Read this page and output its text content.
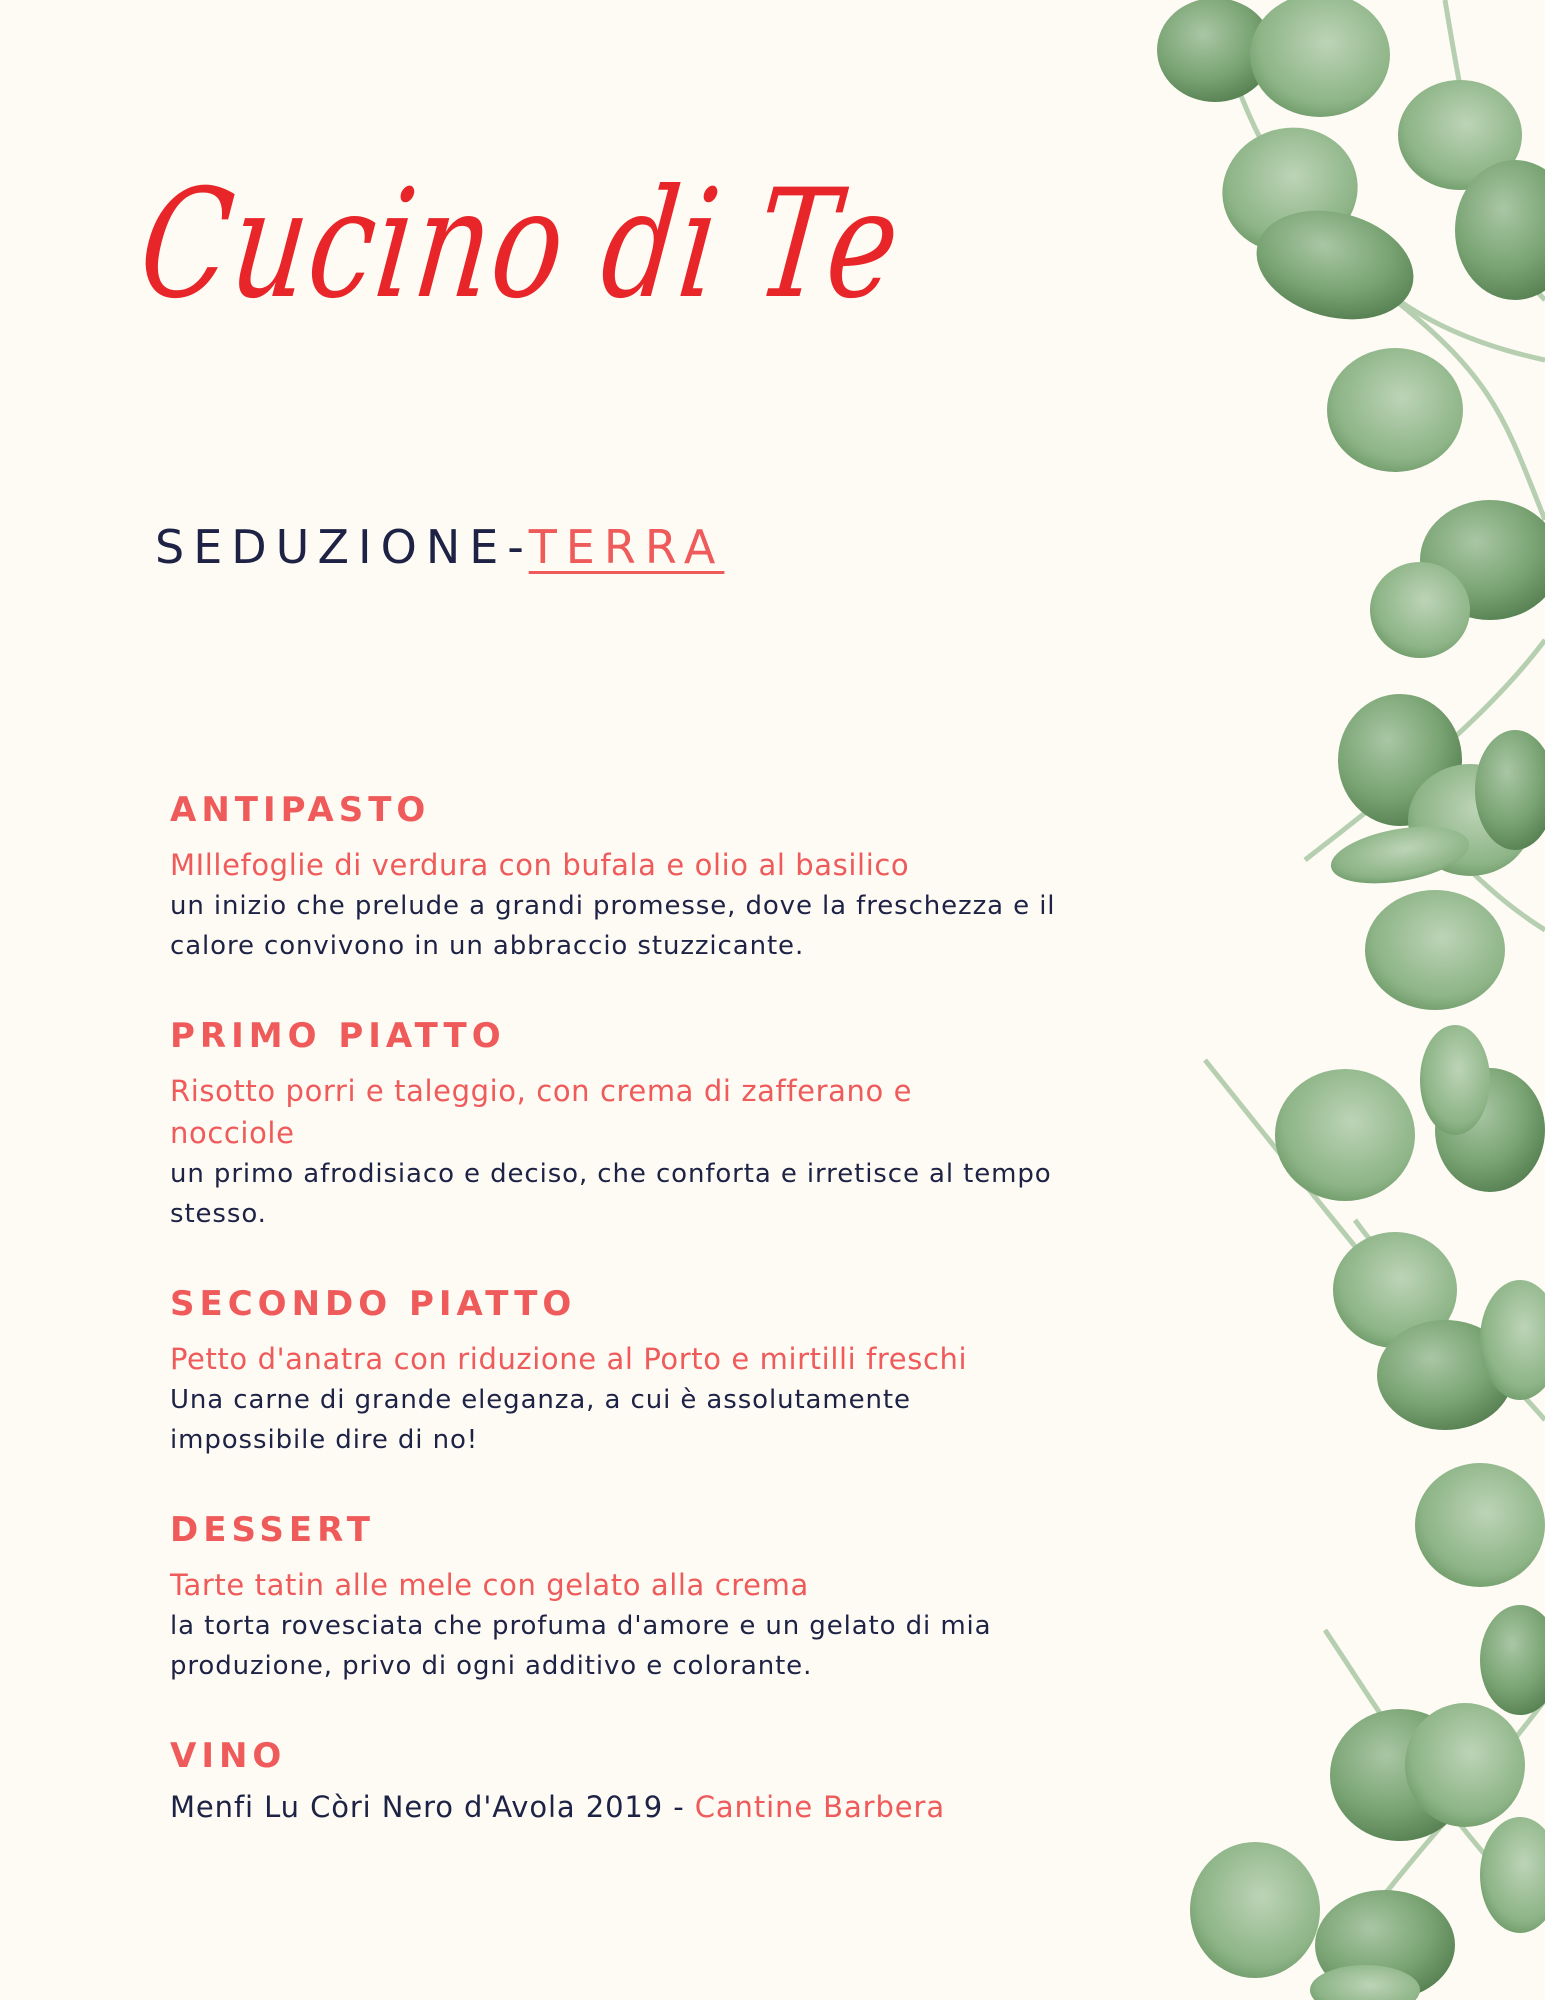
Cucino di Te
SEDUZIONE-TERRA
ANTIPASTO
MIllefoglie di verdura con bufala e olio al basilico
un inizio che prelude a grandi promesse, dove la freschezza e il calore convivono in un abbraccio stuzzicante.
PRIMO PIATTO
Risotto porri e taleggio, con crema di zafferano e nocciole
un primo afrodisiaco e deciso, che conforta e irretisce al tempo stesso.
SECONDO PIATTO
Petto d'anatra con riduzione al Porto e mirtilli freschi
Una carne di grande eleganza, a cui è assolutamente impossibile dire di no!
DESSERT
Tarte tatin alle mele con gelato alla crema
la torta rovesciata che profuma d'amore e un gelato di mia produzione, privo di ogni additivo e colorante.
VINO
Menfi Lu Còri Nero d'Avola 2019 - Cantine Barbera
